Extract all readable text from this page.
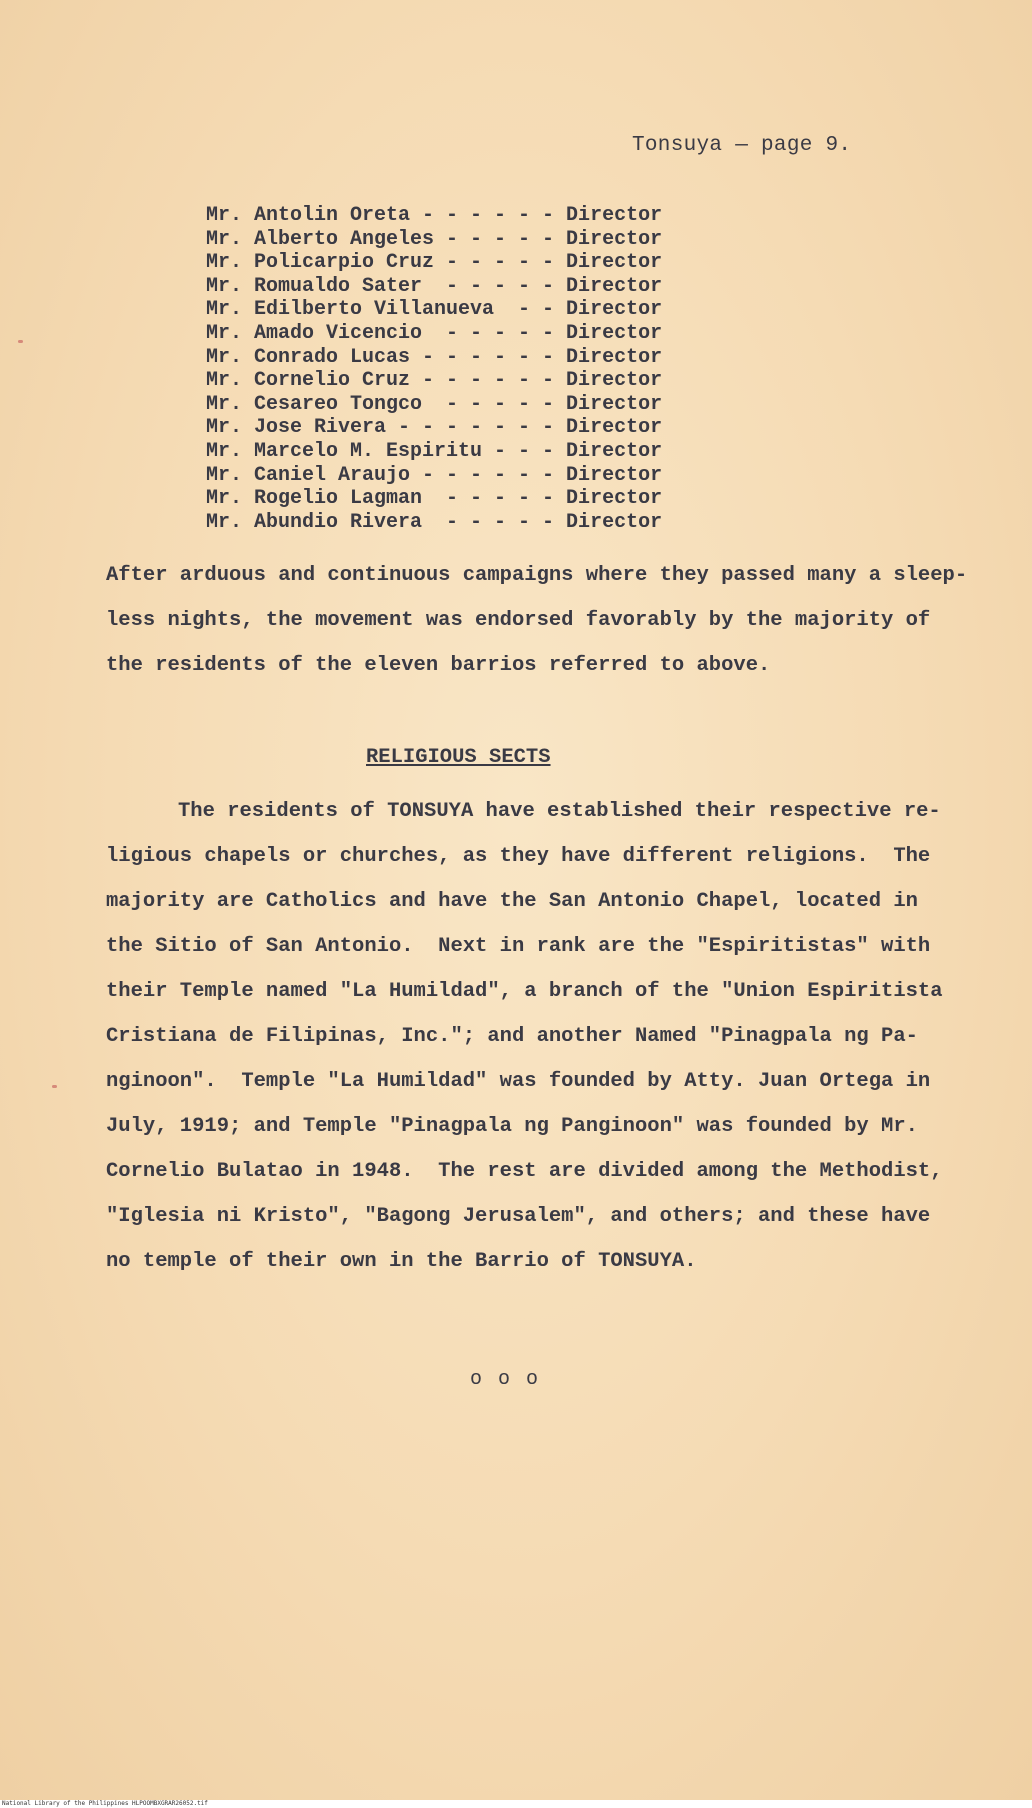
Tonsuya — page 9.
Mr. Antolin Oreta - - - - - - Director
Mr. Alberto Angeles - - - - - Director
Mr. Policarpio Cruz - - - - - Director
Mr. Romualdo Sater  - - - - - Director
Mr. Edilberto Villanueva  - - Director
Mr. Amado Vicencio  - - - - - Director
Mr. Conrado Lucas - - - - - - Director
Mr. Cornelio Cruz - - - - - - Director
Mr. Cesareo Tongco  - - - - - Director
Mr. Jose Rivera - - - - - - - Director
Mr. Marcelo M. Espiritu - - - Director
Mr. Caniel Araujo - - - - - - Director
Mr. Rogelio Lagman  - - - - - Director
Mr. Abundio Rivera  - - - - - Director
After arduous and continuous campaigns where they passed many a sleep-
less nights, the movement was endorsed favorably by the majority of
the residents of the eleven barrios referred to above.
RELIGIOUS SECTS
The residents of TONSUYA have established their respective re-
ligious chapels or churches, as they have different religions.  The
majority are Catholics and have the San Antonio Chapel, located in
the Sitio of San Antonio.  Next in rank are the "Espiritistas" with
their Temple named "La Humildad", a branch of the "Union Espiritista
Cristiana de Filipinas, Inc."; and another Named "Pinagpala ng Pa-
nginoon".  Temple "La Humildad" was founded by Atty. Juan Ortega in
July, 1919; and Temple "Pinagpala ng Panginoon" was founded by Mr.
Cornelio Bulatao in 1948.  The rest are divided among the Methodist,
"Iglesia ni Kristo", "Bagong Jerusalem", and others; and these have
no temple of their own in the Barrio of TONSUYA.
o o o
National Library of the Philippines HLPOOMBXGRAR26052.tif
